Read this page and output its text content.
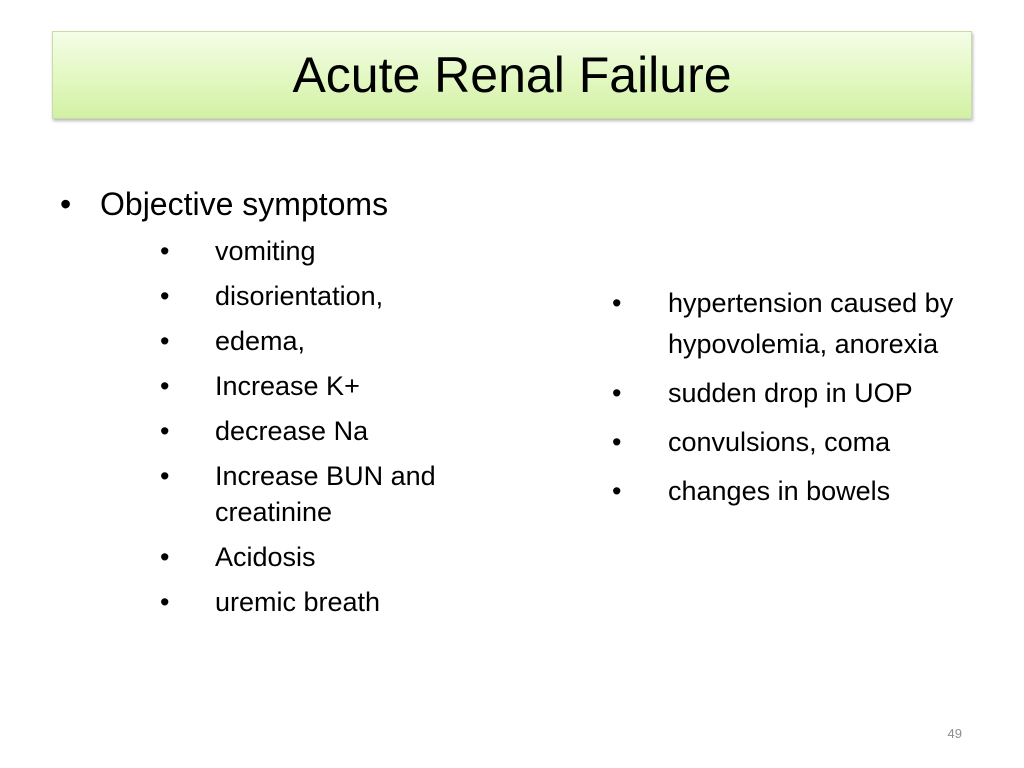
Acute Renal Failure
• Objective symptoms
•	vomiting
•	disorientation,
•	edema,
•	Increase K+
•	decrease Na
•	Increase BUN and creatinine
•	Acidosis
•	uremic breath
•	hypertension caused by hypovolemia, anorexia
•	sudden drop in UOP
•	convulsions, coma
•	changes in bowels
49
